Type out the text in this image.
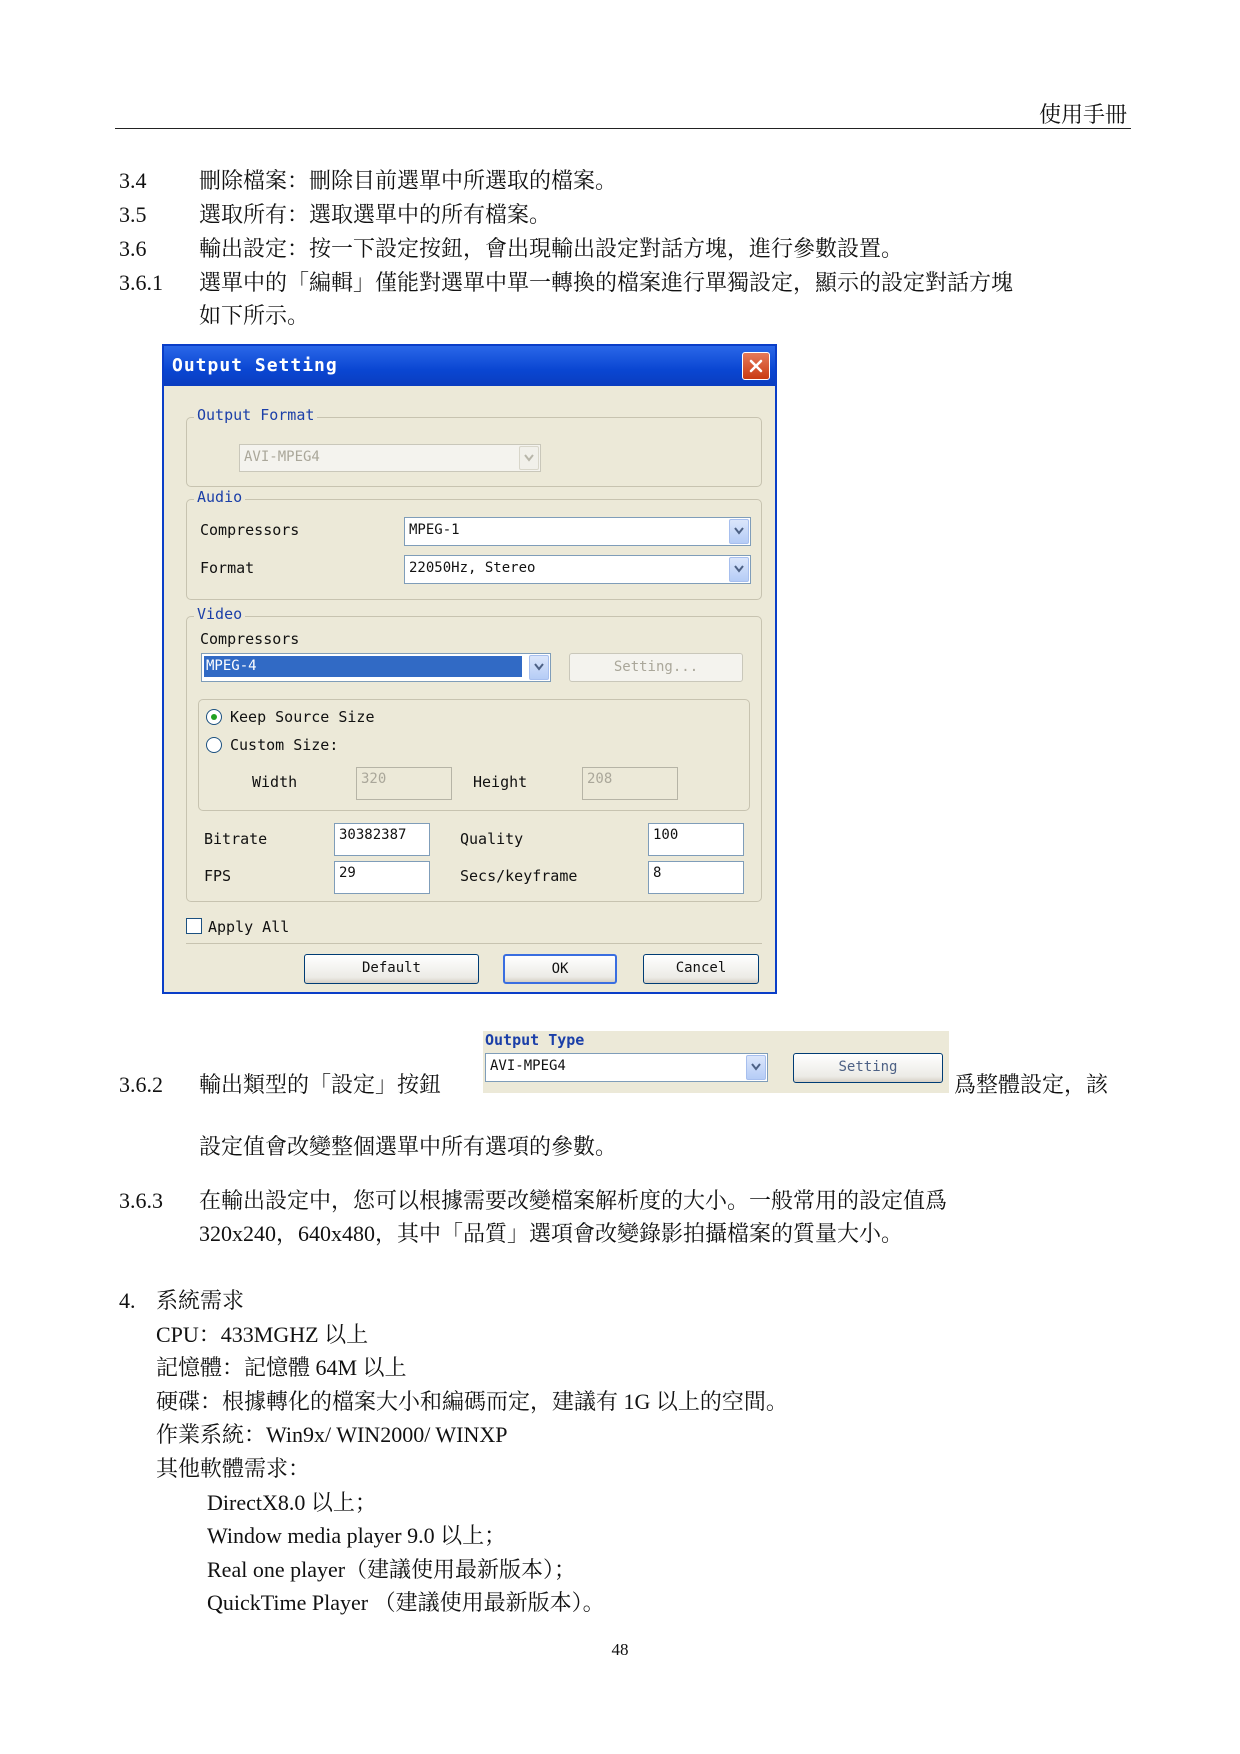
使用手冊
3.4 刪除檔案：刪除目前選單中所選取的檔案。
3.5 選取所有：選取選單中的所有檔案。
3.6 輸出設定：按一下設定按鈕，會出現輸出設定對話方塊，進行參數設置。
3.6.1 選單中的「編輯」僅能對選單中單一轉換的檔案進行單獨設定，顯示的設定對話方塊
如下所示。
Output Setting
Output Format
AVI-MPEG4
Audio
Compressors	MPEG-1
Format	22050Hz, Stereo
Video
Compressors
MPEG-4	Setting...
Keep Source Size
Custom Size:
Width	320	Height	208
Bitrate	30382387	Quality	100
FPS	29	Secs/keyframe	8
Apply All
Default	OK	Cancel
3.6.2 輸出類型的「設定」按鈕
Output Type
AVI-MPEG4	Setting
爲整體設定，該
設定值會改變整個選單中所有選項的參數。
3.6.3 在輸出設定中，您可以根據需要改變檔案解析度的大小。一般常用的設定值爲
320x240，640x480，其中「品質」選項會改變錄影拍攝檔案的質量大小。
4. 系統需求
CPU：433MGHZ 以上
記憶體：記憶體 64M 以上
硬碟：根據轉化的檔案大小和編碼而定，建議有 1G 以上的空間。
作業系統：Win9x/ WIN2000/ WINXP
其他軟體需求：
DirectX8.0 以上；
Window media player 9.0 以上；
Real one player（建議使用最新版本）；
QuickTime Player （建議使用最新版本）。
48
